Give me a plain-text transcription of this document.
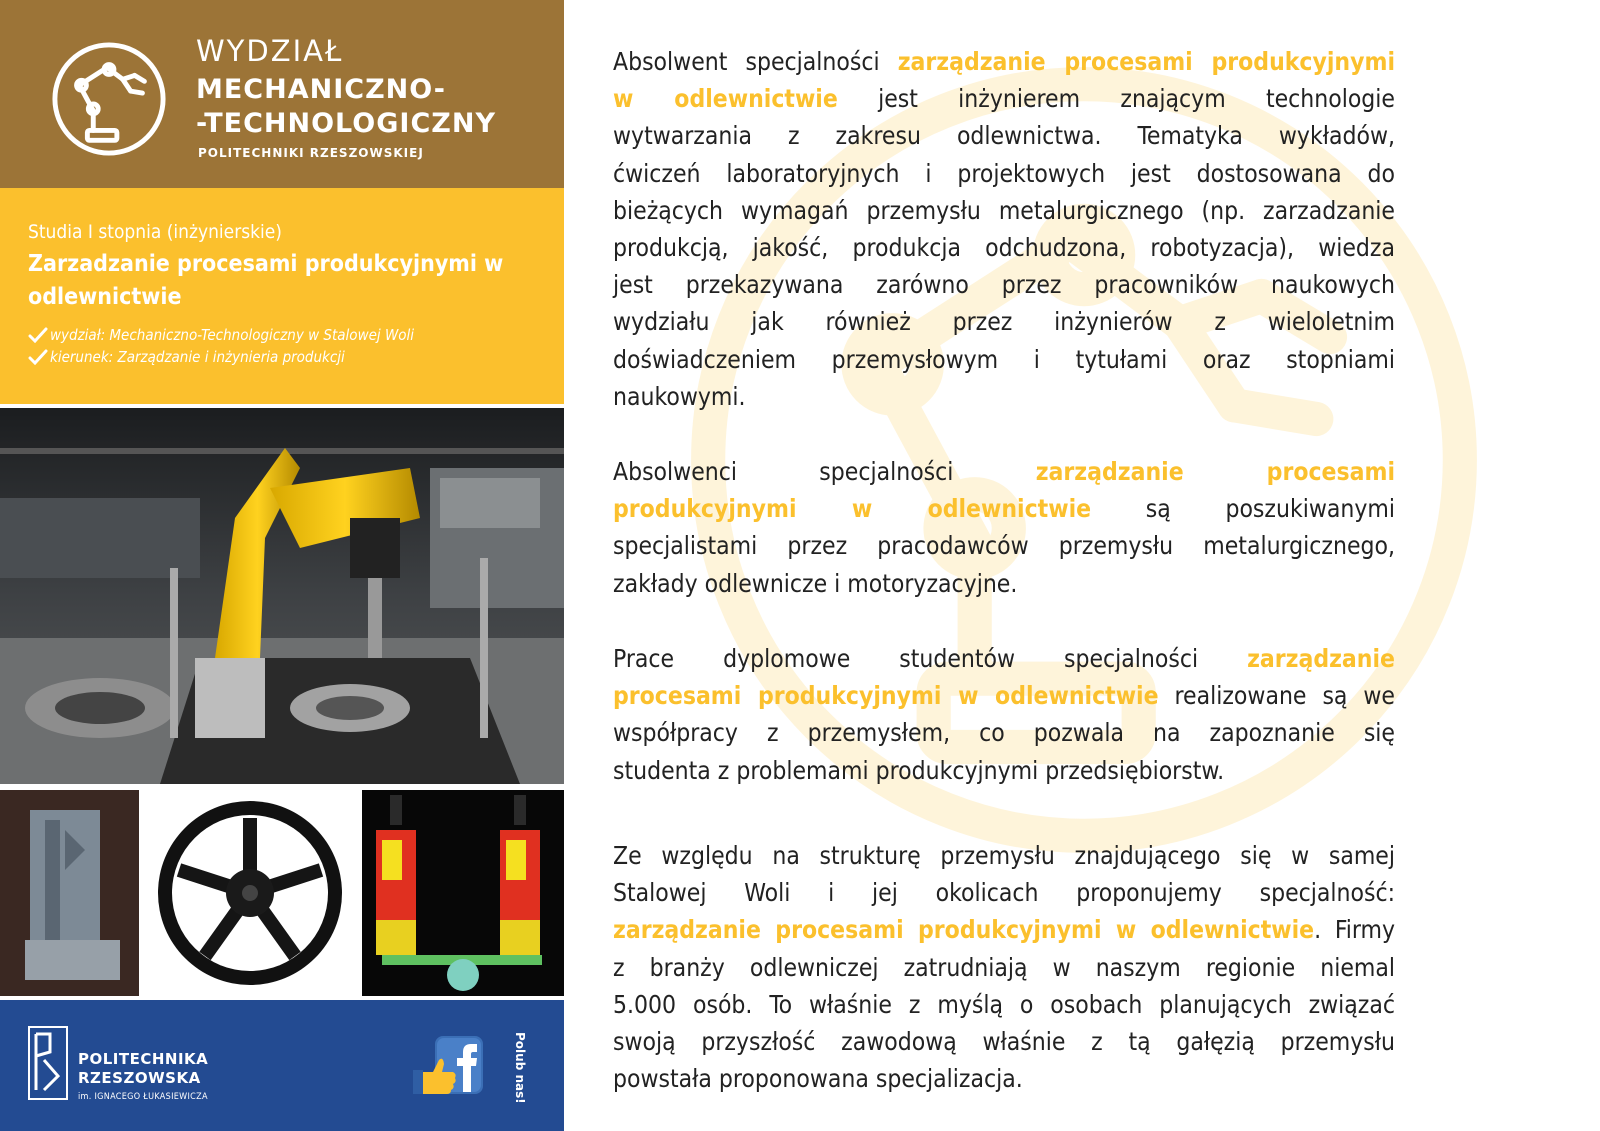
WYDZIAŁ
MECHANICZNO-
-TECHNOLOGICZNY
POLITECHNIKI RZESZOWSKIEJ
Studia I stopnia (inżynierskie)
Zarzadzanie procesami produkcyjnymi w odlewnictwie
wydział: Mechaniczno-Technologiczny w Stalowej Woli
kierunek: Zarządzanie i inżynieria produkcji
POLITECHNIKA
RZESZOWSKA
im. IGNACEGO ŁUKASIEWICZA	Polub nas!
Absolwent specjalności zarządzanie procesami produkcyjnymi
w odlewnictwie jest inżynierem znającym technologie
wytwarzania z zakresu odlewnictwa. Tematyka wykładów,
ćwiczeń laboratoryjnych i projektowych jest dostosowana do
bieżących wymagań przemysłu metalurgicznego (np. zarzadzanie
produkcją, jakość, produkcja odchudzona, robotyzacja), wiedza
jest przekazywana zarówno przez pracowników naukowych
wydziału jak również przez inżynierów z wieloletnim
doświadczeniem przemysłowym i tytułami oraz stopniami
naukowymi.
Absolwenci specjalności zarządzanie procesami
produkcyjnymi w odlewnictwie są poszukiwanymi
specjalistami przez pracodawców przemysłu metalurgicznego,
zakłady odlewnicze i motoryzacyjne.
Prace dyplomowe studentów specjalności zarządzanie
procesami produkcyjnymi w odlewnictwie realizowane są we
współpracy z przemysłem, co pozwala na zapoznanie się
studenta z problemami produkcyjnymi przedsiębiorstw.
Ze względu na strukturę przemysłu znajdującego się w samej
Stalowej Woli i jej okolicach proponujemy specjalność:
zarządzanie procesami produkcyjnymi w odlewnictwie. Firmy
z branży odlewniczej zatrudniają w naszym regionie niemal
5.000 osób. To właśnie z myślą o osobach planujących związać
swoją przyszłość zawodową właśnie z tą gałęzią przemysłu
powstała proponowana specjalizacja.
